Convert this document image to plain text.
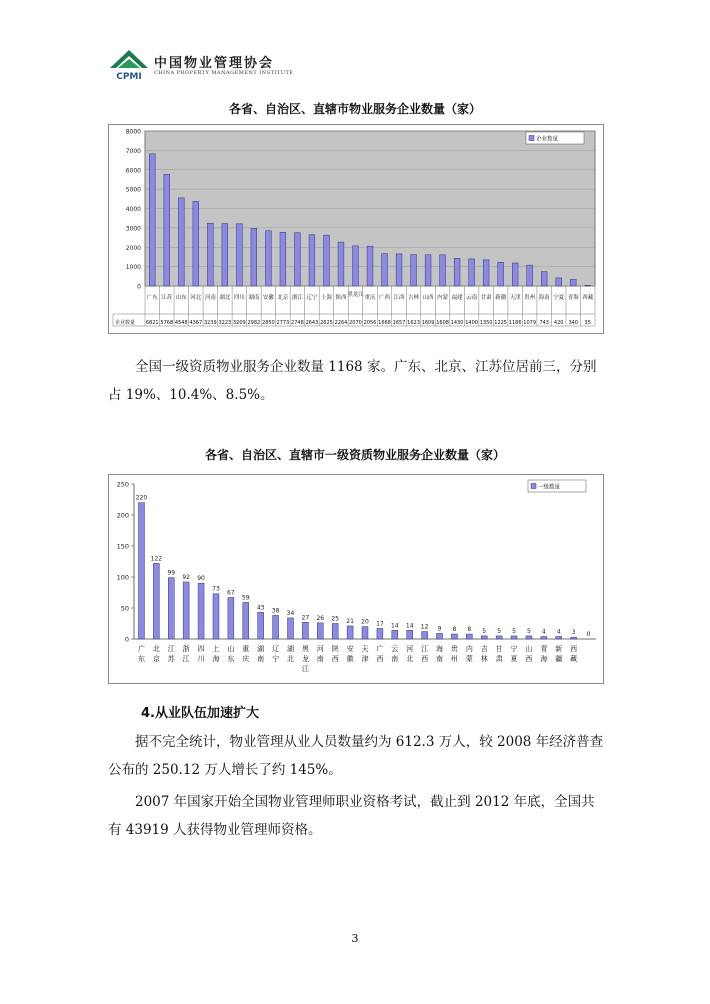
CPMI
中国物业管理协会
CHINA PROPERTY MANAGEMENT INSTITUTE
各省、自治区、直辖市物业服务企业数量（家）
0
1000
2000
3000
4000
5000
6000
7000
8000
广东
6821
江苏
5768
山东
4548
河北
4367
河南
3239
湖北
3223
四川
3209
湖南
2982
安徽
2850
北京
2773
浙江
2748
辽宁
2643
上海
2625
陕西
2264
黑龙江
2070
重庆
2056
广西
1668
江西
1657
吉林
1623
山西
1609
内蒙
1608
福建
1430
云南
1400
甘肃
1350
新疆
1225
天津
1186
贵州
1079
海南
743
宁夏
420
青海
340
西藏
35
企业数量
企业数量
全国一级资质物业服务企业数量 1168 家。广东、北京、江苏位居前三，分别占 19%、10.4%、8.5%。
各省、自治区、直辖市一级资质物业服务企业数量（家）
0
50
100
150
200
250
220
广
东
122
北
京
99
江
苏
92
浙
江
90
四
川
73
上
海
67
山
东
59
重
庆
43
湖
南
38
辽
宁
34
湖
北
27
黑
龙
江
26
河
南
25
陕
西
21
安
徽
20
天
津
17
广
西
14
云
南
14
河
北
12
江
西
9
海
南
8
贵
州
8
内
蒙
5
吉
林
5
甘
肃
5
宁
夏
5
山
西
4
青
海
4
新
疆
3
西
藏
0
一级数量
4.从业队伍加速扩大
据不完全统计，物业管理从业人员数量约为 612.3 万人，较 2008 年经济普查公布的 250.12 万人增长了约 145%。
2007 年国家开始全国物业管理师职业资格考试，截止到 2012 年底，全国共有 43919 人获得物业管理师资格。
3
